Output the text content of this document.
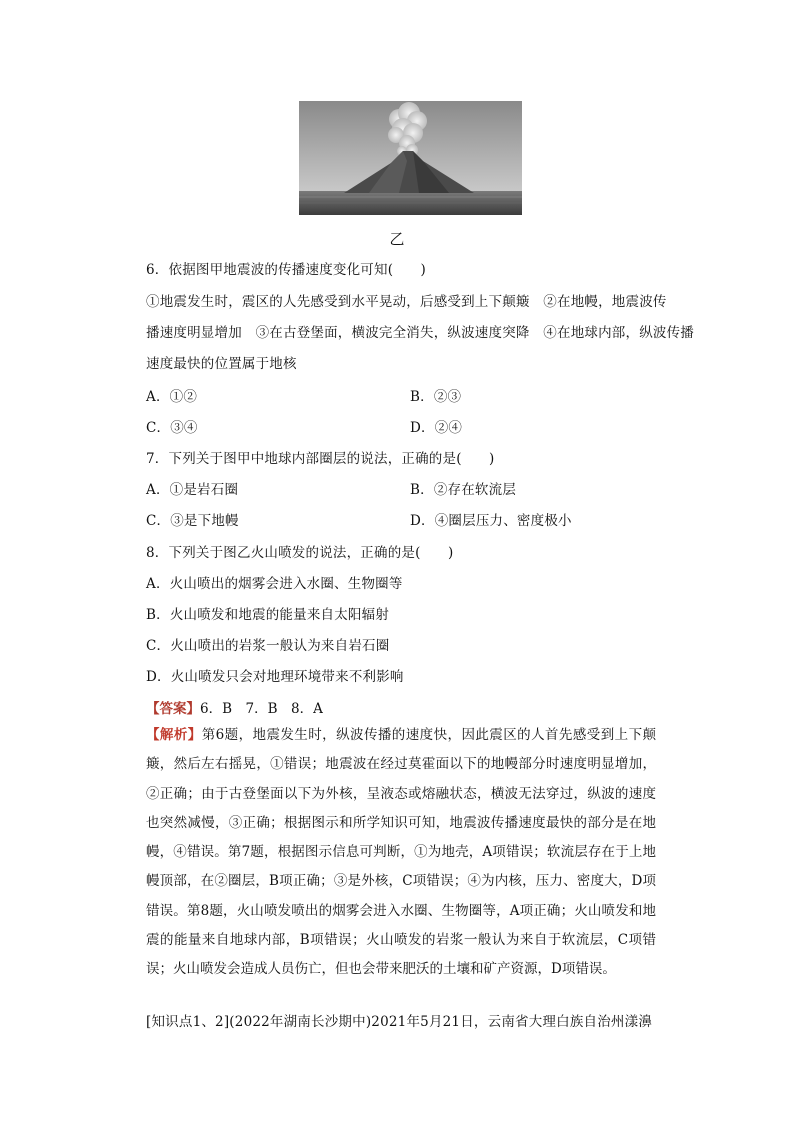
乙
6．依据图甲地震波的传播速度变化可知(　　)
①地震发生时，震区的人先感受到水平晃动，后感受到上下颠簸　②在地幔，地震波传
播速度明显增加　③在古登堡面，横波完全消失，纵波速度突降　④在地球内部，纵波传播
速度最快的位置属于地核
A．①②	B．②③
C．③④	D．②④
7．下列关于图甲中地球内部圈层的说法，正确的是(　　)
A．①是岩石圈	B．②存在软流层
C．③是下地幔	D．④圈层压力、密度极小
8．下列关于图乙火山喷发的说法，正确的是(　　)
A．火山喷出的烟雾会进入水圈、生物圈等
B．火山喷发和地震的能量来自太阳辐射
C．火山喷出的岩浆一般认为来自岩石圈
D．火山喷发只会对地理环境带来不利影响
【答案】6．B　7．B　8．A
【解析】第6题，地震发生时，纵波传播的速度快，因此震区的人首先感受到上下颠簸，然后左右摇晃，①错误；地震波在经过莫霍面以下的地幔部分时速度明显增加，②正确；由于古登堡面以下为外核，呈液态或熔融状态，横波无法穿过，纵波的速度也突然减慢，③正确；根据图示和所学知识可知，地震波传播速度最快的部分是在地幔，④错误。第7题，根据图示信息可判断，①为地壳，A项错误；软流层存在于上地幔顶部，在②圈层，B项正确；③是外核，C项错误；④为内核，压力、密度大，D项错误。第8题，火山喷发喷出的烟雾会进入水圈、生物圈等，A项正确；火山喷发和地震的能量来自地球内部，B项错误；火山喷发的岩浆一般认为来自于软流层，C项错误；火山喷发会造成人员伤亡，但也会带来肥沃的土壤和矿产资源，D项错误。
[知识点1、2](2022年湖南长沙期中)2021年5月21日，云南省大理白族自治州漾濞
